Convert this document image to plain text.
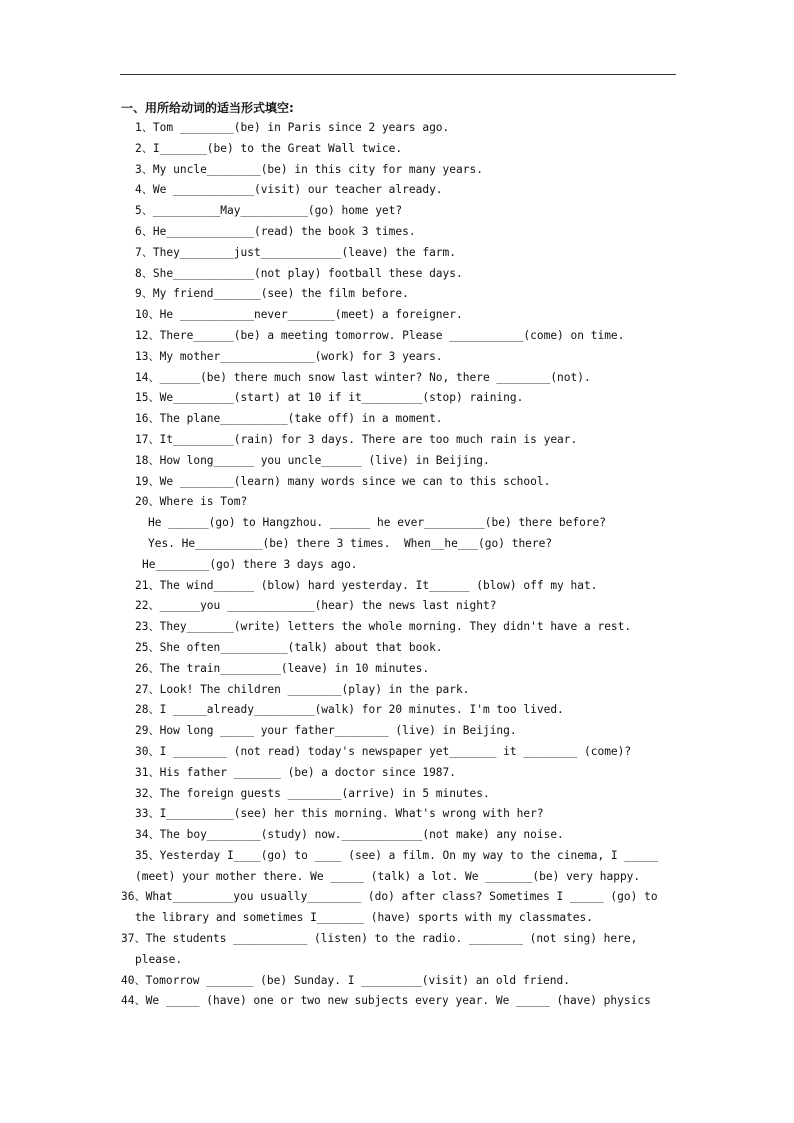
一、用所给动词的适当形式填空:
1、Tom ________(be) in Paris since 2 years ago.
2、I_______(be) to the Great Wall twice.
3、My uncle________(be) in this city for many years.
4、We ____________(visit) our teacher already.
5、__________May__________(go) home yet?
6、He_____________(read) the book 3 times.
7、They________just____________(leave) the farm.
8、She____________(not play) football these days.
9、My friend_______(see) the film before.
10、He ___________never_______(meet) a foreigner.
12、There______(be) a meeting tomorrow. Please ___________(come) on time.
13、My mother______________(work) for 3 years.
14、______(be) there much snow last winter? No, there ________(not).
15、We_________(start) at 10 if it_________(stop) raining.
16、The plane__________(take off) in a moment.
17、It_________(rain) for 3 days. There are too much rain is year.
18、How long______ you uncle______ (live) in Beijing.
19、We ________(learn) many words since we can to this school.
20、Where is Tom?
He ______(go) to Hangzhou. ______ he ever_________(be) there before?
Yes. He__________(be) there 3 times.  When__he___(go) there?
He________(go) there 3 days ago.
21、The wind______ (blow) hard yesterday. It______ (blow) off my hat.
22、______you _____________(hear) the news last night?
23、They_______(write) letters the whole morning. They didn't have a rest.
25、She often__________(talk) about that book.
26、The train_________(leave) in 10 minutes.
27、Look! The children ________(play) in the park.
28、I _____already_________(walk) for 20 minutes. I'm too lived.
29、How long _____ your father________ (live) in Beijing.
30、I ________ (not read) today's newspaper yet_______ it ________ (come)?
31、His father _______ (be) a doctor since 1987.
32、The foreign guests ________(arrive) in 5 minutes.
33、I__________(see) her this morning. What's wrong with her?
34、The boy________(study) now.____________(not make) any noise.
35、Yesterday I____(go) to ____ (see) a film. On my way to the cinema, I _____
(meet) your mother there. We _____ (talk) a lot. We _______(be) very happy.
36、What_________you usually________ (do) after class? Sometimes I _____ (go) to
the library and sometimes I_______ (have) sports with my classmates.
37、The students ___________ (listen) to the radio. ________ (not sing) here,
please.
40、Tomorrow _______ (be) Sunday. I _________(visit) an old friend.
44、We _____ (have) one or two new subjects every year. We _____ (have) physics
